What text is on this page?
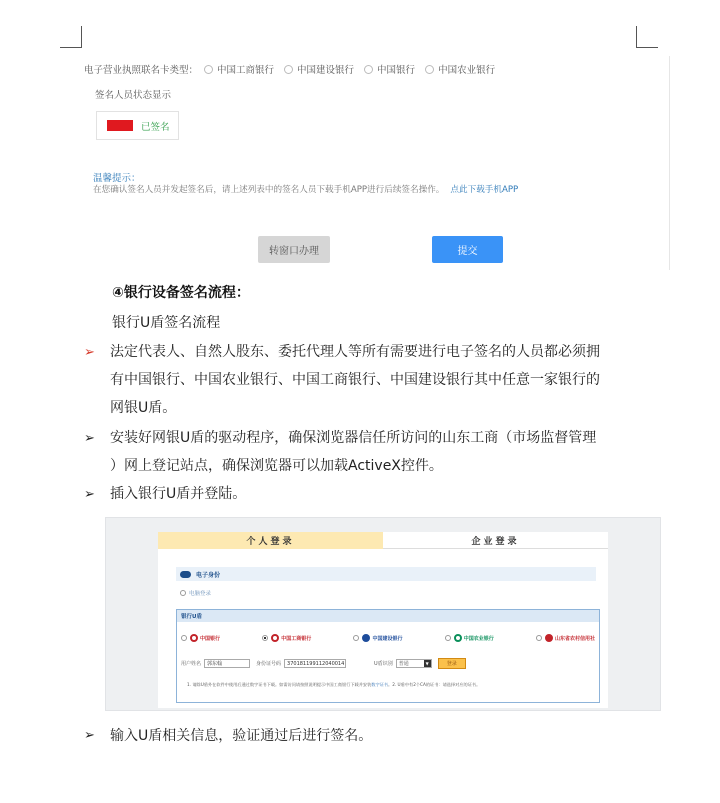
电子营业执照联名卡类型： 中国工商银行 中国建设银行 中国银行 中国农业银行
签名人员状态显示
已签名
温馨提示：
在您确认签名人员并发起签名后，请上述列表中的签名人员下载手机APP进行后续签名操作。 点此下载手机APP
转窗口办理	提交
④银行设备签名流程：
银行U盾签名流程
➢ 法定代表人、自然人股东、委托代理人等所有需要进行电子签名的人员都必须拥
有中国银行、中国农业银行、中国工商银行、中国建设银行其中任意一家银行的
网银U盾。
➢ 安装好网银U盾的驱动程序，确保浏览器信任所访问的山东工商（市场监督管理
）网上登记站点，确保浏览器可以加载ActiveX控件。
➢ 插入银行U盾并登陆。
个人登录	企业登录
电子身份
电脑登录
银行U盾
中国银行	中国工商银行	中国建设银行	中国农业银行	山东省农村信用社
用户姓名	郭东翰	身份证号码	370181199112040014	U盾识别 普通	▼	登录
1. 请除U盾外在软件中使用后通过数字证书下载。如需访问请按照说明提示中国工商银行下载并安装数字证书。2. U盾中有2个CA的证书：请选择对应的证书。
➢ 输入U盾相关信息，验证通过后进行签名。
